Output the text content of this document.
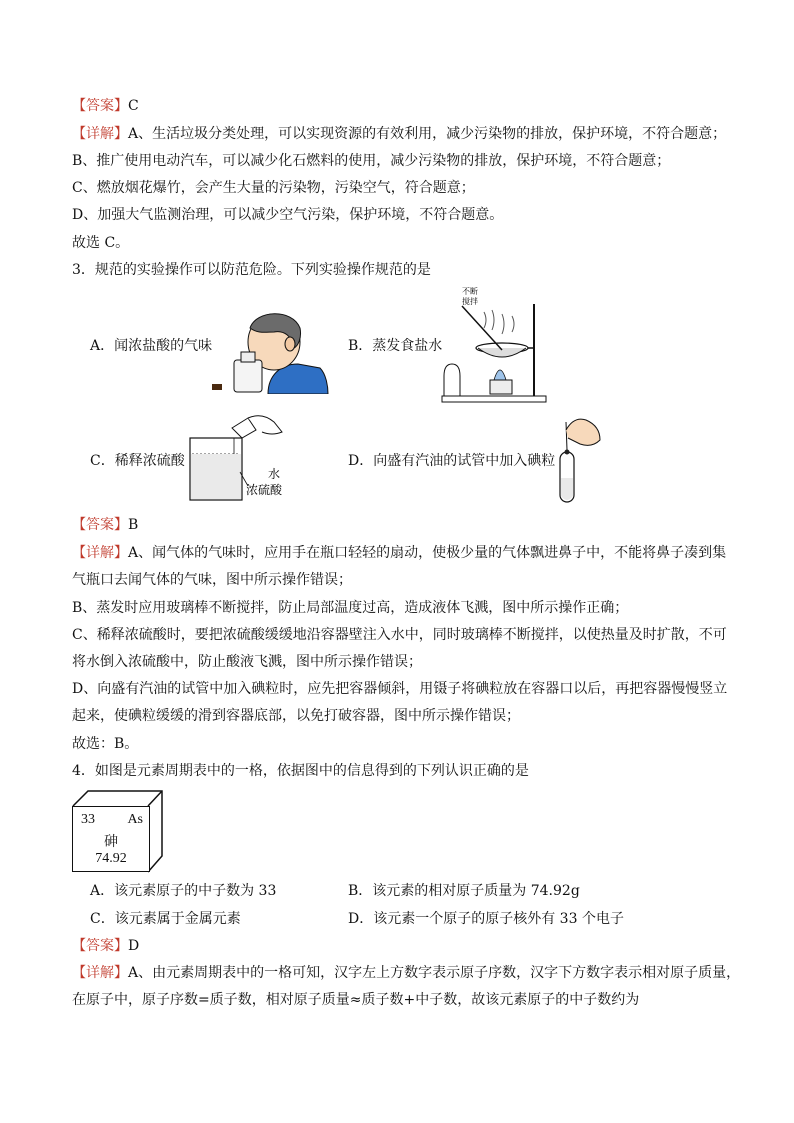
【答案】C
【详解】A、生活垃圾分类处理，可以实现资源的有效利用，减少污染物的排放，保护环境，不符合题意；
B、推广使用电动汽车，可以减少化石燃料的使用，减少污染物的排放，保护环境，不符合题意；
C、燃放烟花爆竹，会产生大量的污染物，污染空气，符合题意；
D、加强大气监测治理，可以减少空气污染，保护环境，不符合题意。
故选 C。
3．规范的实验操作可以防范危险。下列实验操作规范的是
A．闻浓盐酸的气味	B．蒸发食盐水
不断
搅拌
C．稀释浓硫酸
水
浓硫酸
D．向盛有汽油的试管中加入碘粒
【答案】B
【详解】A、闻气体的气味时，应用手在瓶口轻轻的扇动，使极少量的气体飘进鼻子中，不能将鼻子凑到集
气瓶口去闻气体的气味，图中所示操作错误；
B、蒸发时应用玻璃棒不断搅拌，防止局部温度过高，造成液体飞溅，图中所示操作正确；
C、稀释浓硫酸时，要把浓硫酸缓缓地沿容器壁注入水中，同时玻璃棒不断搅拌，以使热量及时扩散，不可
将水倒入浓硫酸中，防止酸液飞溅，图中所示操作错误；
D、向盛有汽油的试管中加入碘粒时，应先把容器倾斜，用镊子将碘粒放在容器口以后，再把容器慢慢竖立
起来，使碘粒缓缓的滑到容器底部，以免打破容器，图中所示操作错误；
故选：B。
4．如图是元素周期表中的一格，依据图中的信息得到的下列认识正确的是
33 As
砷
74.92
A．该元素原子的中子数为 33	B．该元素的相对原子质量为 74.92g
C．该元素属于金属元素	D．该元素一个原子的原子核外有 33 个电子
【答案】D
【详解】A、由元素周期表中的一格可知，汉字左上方数字表示原子序数，汉字下方数字表示相对原子质量，
在原子中，原子序数=质子数，相对原子质量≈质子数+中子数，故该元素原子的中子数约为
